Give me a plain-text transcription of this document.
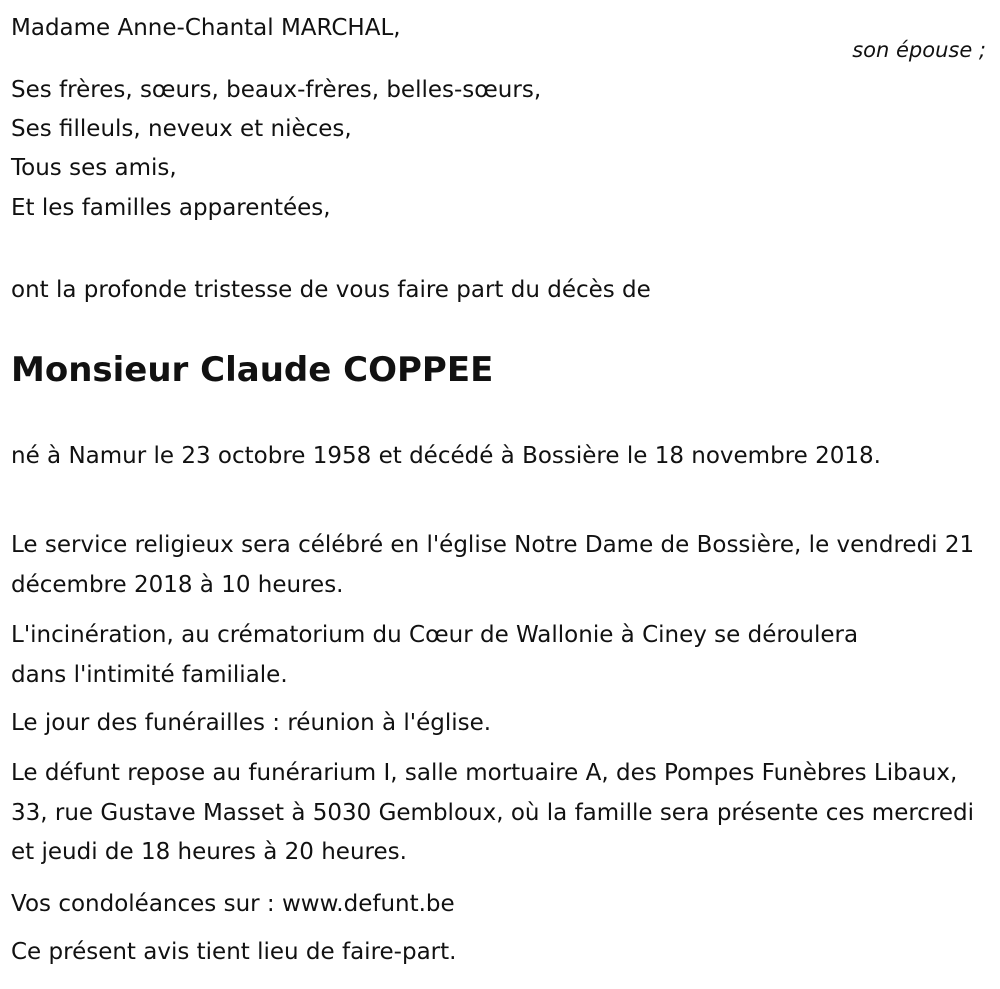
Madame Anne-Chantal MARCHAL,
son épouse ;
Ses frères, sœurs, beaux-frères, belles-sœurs,
Ses filleuls, neveux et nièces,
Tous ses amis,
Et les familles apparentées,
ont la profonde tristesse de vous faire part du décès de
Monsieur Claude COPPEE
né à Namur le 23 octobre 1958 et décédé à Bossière le 18 novembre 2018.
Le service religieux sera célébré en l'église Notre Dame de Bossière, le vendredi 21 décembre 2018 à 10 heures.
L'incinération, au crématorium du Cœur de Wallonie à Ciney se déroulera dans l'intimité familiale.
Le jour des funérailles : réunion à l'église.
Le défunt repose au funérarium I, salle mortuaire A, des Pompes Funèbres Libaux, 33, rue Gustave Masset à 5030 Gembloux, où la famille sera présente ces mercredi et jeudi de 18 heures à 20 heures.
Vos condoléances sur : www.defunt.be
Ce présent avis tient lieu de faire-part.
